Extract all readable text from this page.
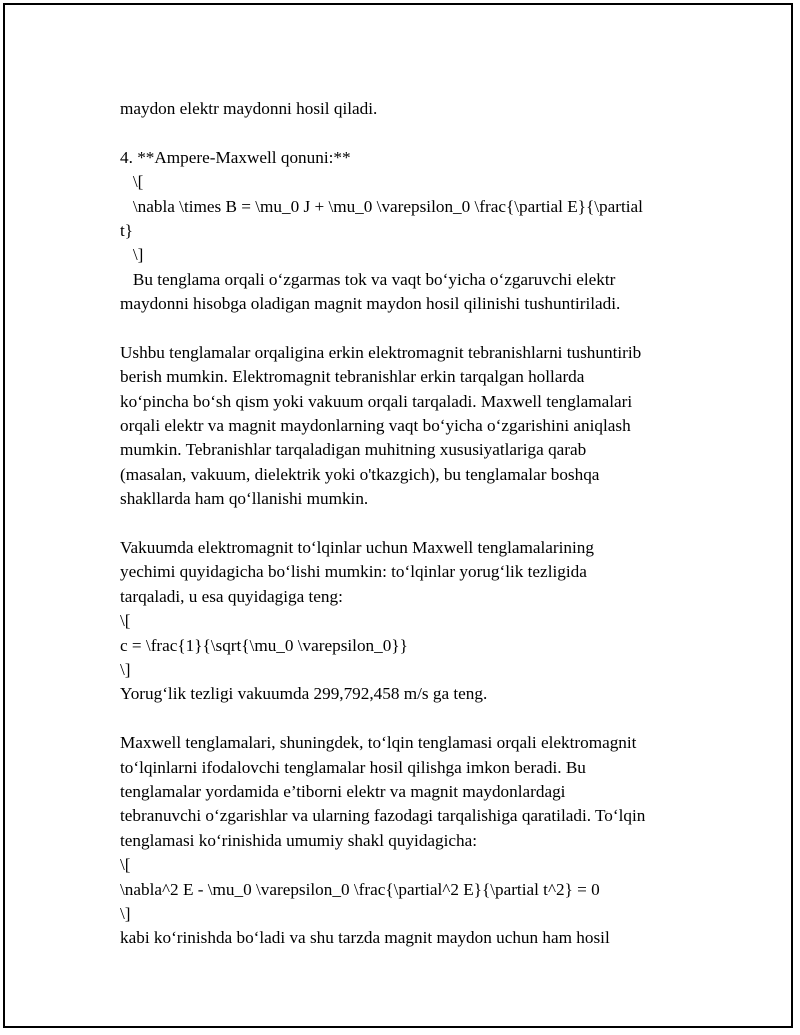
maydon elektr maydonni hosil qiladi.
4. **Ampere-Maxwell qonuni:**
\[
\nabla \times B = \mu_0 J + \mu_0 \varepsilon_0 \frac{\partial E}{\partial
t}
\]
Bu tenglama orqali o‘zgarmas tok va vaqt bo‘yicha o‘zgaruvchi elektr
maydonni hisobga oladigan magnit maydon hosil qilinishi tushuntiriladi.
Ushbu tenglamalar orqaligina erkin elektromagnit tebranishlarni tushuntirib
berish mumkin. Elektromagnit tebranishlar erkin tarqalgan hollarda
ko‘pincha bo‘sh qism yoki vakuum orqali tarqaladi. Maxwell tenglamalari
orqali elektr va magnit maydonlarning vaqt bo‘yicha o‘zgarishini aniqlash
mumkin. Tebranishlar tarqaladigan muhitning xususiyatlariga qarab
(masalan, vakuum, dielektrik yoki o'tkazgich), bu tenglamalar boshqa
shakllarda ham qo‘llanishi mumkin.
Vakuumda elektromagnit to‘lqinlar uchun Maxwell tenglamalarining
yechimi quyidagicha bo‘lishi mumkin: to‘lqinlar yorug‘lik tezligida
tarqaladi, u esa quyidagiga teng:
\[
c = \frac{1}{\sqrt{\mu_0 \varepsilon_0}}
\]
Yorug‘lik tezligi vakuumda 299,792,458 m/s ga teng.
Maxwell tenglamalari, shuningdek, to‘lqin tenglamasi orqali elektromagnit
to‘lqinlarni ifodalovchi tenglamalar hosil qilishga imkon beradi. Bu
tenglamalar yordamida e’tiborni elektr va magnit maydonlardagi
tebranuvchi o‘zgarishlar va ularning fazodagi tarqalishiga qaratiladi. To‘lqin
tenglamasi ko‘rinishida umumiy shakl quyidagicha:
\[
\nabla^2 E - \mu_0 \varepsilon_0 \frac{\partial^2 E}{\partial t^2} = 0
\]
kabi ko‘rinishda bo‘ladi va shu tarzda magnit maydon uchun ham hosil
